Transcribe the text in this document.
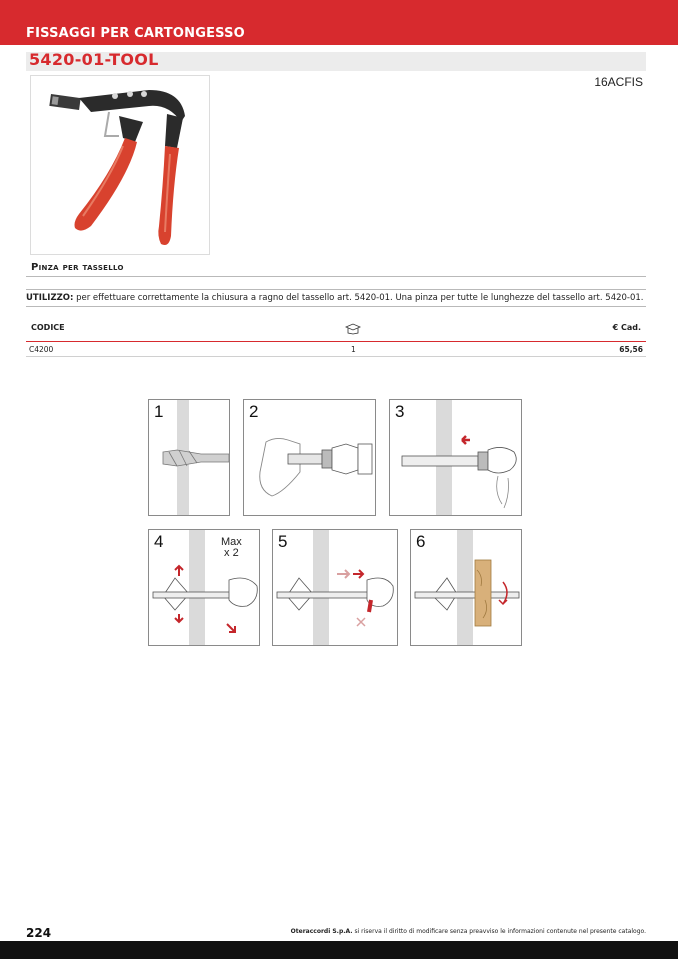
FISSAGGI PER CARTONGESSO
5420-01-TOOL
16ACFIS
Pinza per tassello
UTILIZZO: per effettuare correttamente la chiusura a ragno del tassello art. 5420-01. Una pinza per tutte le lunghezze del tassello art. 5420-01.
CODICE	€ Cad.
C4200	1	65,56
1	2	3
4	Max
x 2
5	6
224	Oteraccordi S.p.A. si riserva il diritto di modificare senza preavviso le informazioni contenute nel presente catalogo.
